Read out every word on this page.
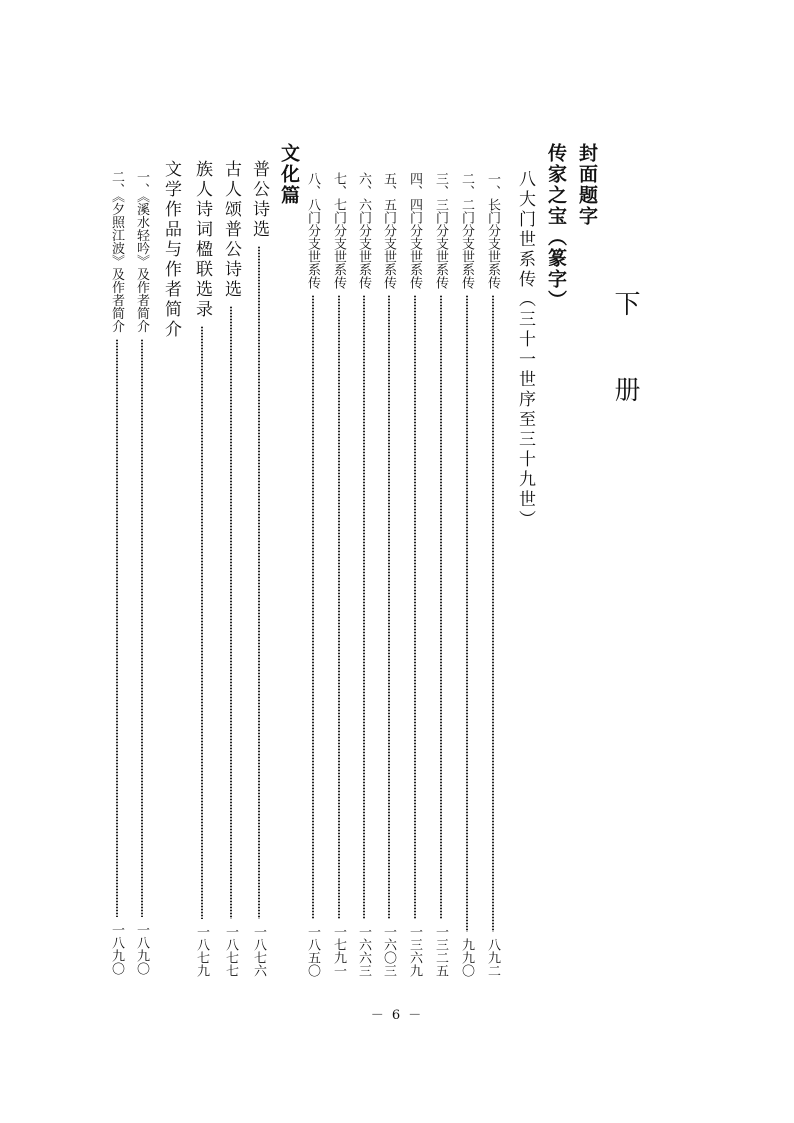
下 册
封面题字
传家之宝（篆字）
八大门世系传（三十一世序至三十九世）
一、长门分支世系传
八九二
二、二门分支世系传
九九〇
三、三门分支世系传
一三二五
四、四门分支世系传
一三六九
五、五门分支世系传
一六〇三
六、六门分支世系传
一六六三
七、七门分支世系传
一七九一
八、八门分支世系传
一八五〇
文化篇
普公诗选
一八七六
古人颂普公诗选
一八七七
族人诗词楹联选录
一八七九
文学作品与作者简介
一、《溪水轻吟》及作者简介
一八九〇
二、《夕照江波》及作者简介
一八九〇
－ 6 －
